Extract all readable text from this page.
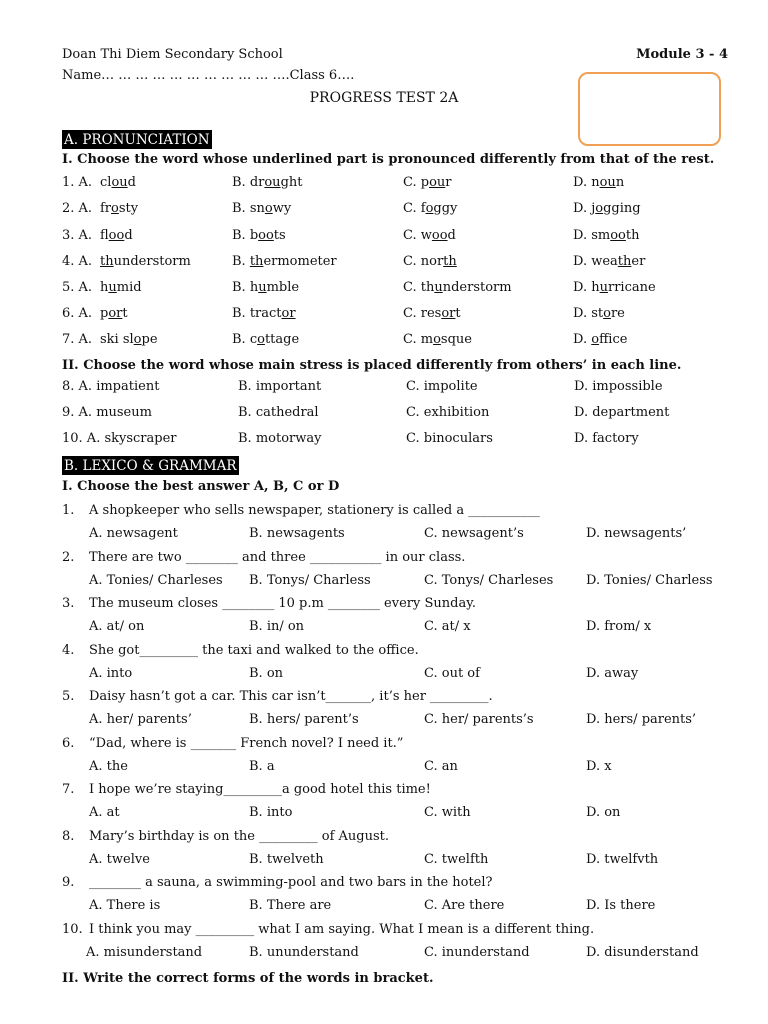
Doan Thi Diem Secondary School	Module 3 - 4
Name… … … … … … … … … … ….Class 6….
PROGRESS TEST 2A
A. PRONUNCIATION
I. Choose the word whose underlined part is pronounced differently from that of the rest.
1. A. cloud	B. drought	C. pour	D. noun
2. A. frosty	B. snowy	C. foggy	D. jogging
3. A. flood	B. boots	C. wood	D. smooth
4. A. thunderstorm	B. thermometer	C. north	D. weather
5. A. humid	B. humble	C. thunderstorm	D. hurricane
6. A. port	B. tractor	C. resort	D. store
7. A. ski slope	B. cottage	C. mosque	D. office
II. Choose the word whose main stress is placed differently from others’ in each line.
8. A. impatient	B. important	C. impolite	D. impossible
9. A. museum	B. cathedral	C. exhibition	D. department
10. A. skyscraper	B. motorway	C. binoculars	D. factory
B. LEXICO & GRAMMAR
I. Choose the best answer A, B, C or D
1. A shopkeeper who sells newspaper, stationery is called a ___________
A. newsagent	B. newsagents	C. newsagent’s	D. newsagents’
2. There are two ________ and three ___________ in our class.
A. Tonies/ Charleses B. Tonys/ Charless	C. Tonys/ Charleses	D. Tonies/ Charless
3. The museum closes ________ 10 p.m ________ every Sunday.
A. at/ on	B. in/ on	C. at/ x	D. from/ x
4. She got_________ the taxi and walked to the office.
A. into	B. on	C. out of	D. away
5. Daisy hasn’t got a car. This car isn’t_______, it’s her _________.
A. her/ parents’	B. hers/ parent’s	C. her/ parents’s	D. hers/ parents’
6. “Dad, where is _______ French novel? I need it.”
A. the	B. a	C. an	D. x
7. I hope we’re staying_________a good hotel this time!
A. at	B. into	C. with	D. on
8. Mary’s birthday is on the _________ of August.
A. twelve	B. twelveth	C. twelfth	D. twelfvth
9. ________ a sauna, a swimming-pool and two bars in the hotel?
A. There is	B. There are	C. Are there	D. Is there
10. I think you may _________ what I am saying. What I mean is a different thing.
A. misunderstand	B. ununderstand	C. inunderstand	D. disunderstand
II. Write the correct forms of the words in bracket.
